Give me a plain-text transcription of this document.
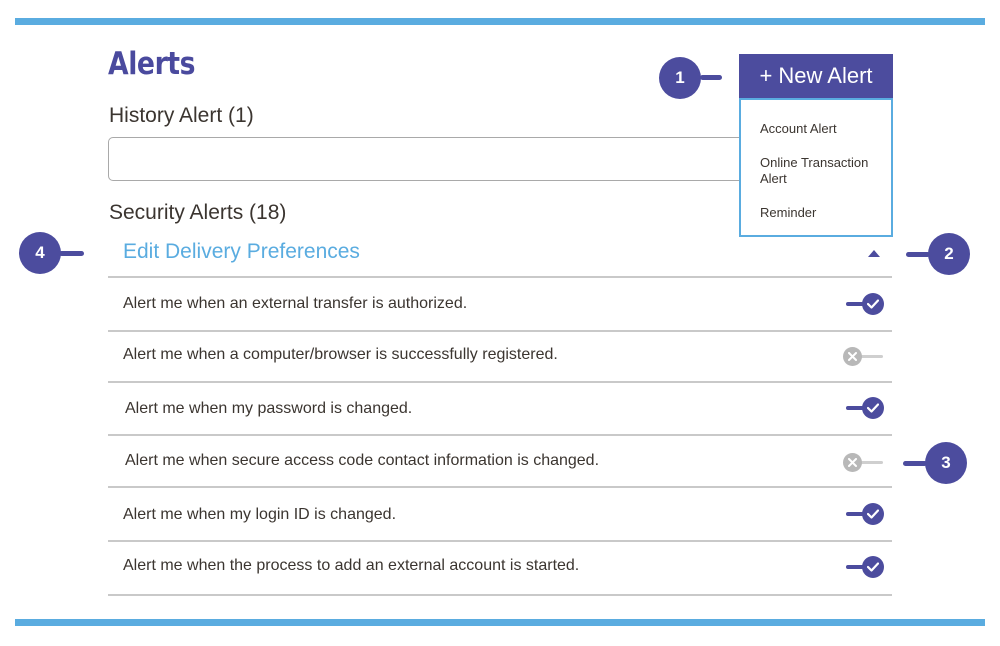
Alerts
History Alert (1)
Security Alerts (18)
+ New Alert
Account Alert
Online Transaction Alert
Reminder
Edit Delivery Preferences
Alert me when an external transfer is authorized.
Alert me when a computer/browser is successfully registered.
Alert me when my password is changed.
Alert me when secure access code contact information is changed.
Alert me when my login ID is changed.
Alert me when the process to add an external account is started.
1
2
3
4
